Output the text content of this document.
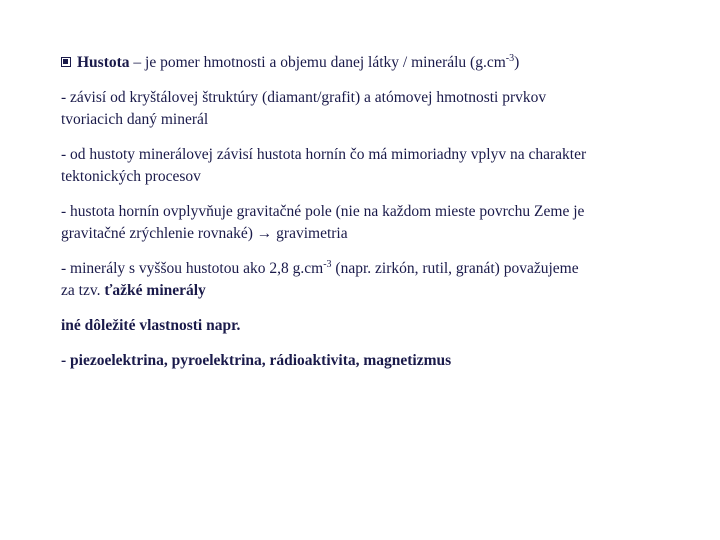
Hustota – je pomer hmotnosti a objemu danej látky / minerálu $(g.cm^{-3})$

- závisí od kryštálovej štruktúry (diamant/grafit) a atómovej hmotnosti prvkov
tvoriacich daný minerál

- od hustoty minerálovej závisí hustota hornín čo má mimoriadny vplyv na charakter
tektonických procesov

- hustota hornín ovplyvňuje gravitačné pole (nie na každom mieste povrchu Zeme je
gravitačné zrýchlenie rovnaké) → gravimetria

- minerály s vyššou hustotou ako 2,8 $g.cm^{-3}$ (napr. zirkón, rutil, granát) považujeme
za tzv. ťažké minerály

iné dôležité vlastnosti napr.

- piezoelektrina, pyroelektrina, rádioaktivita, magnetizmus
